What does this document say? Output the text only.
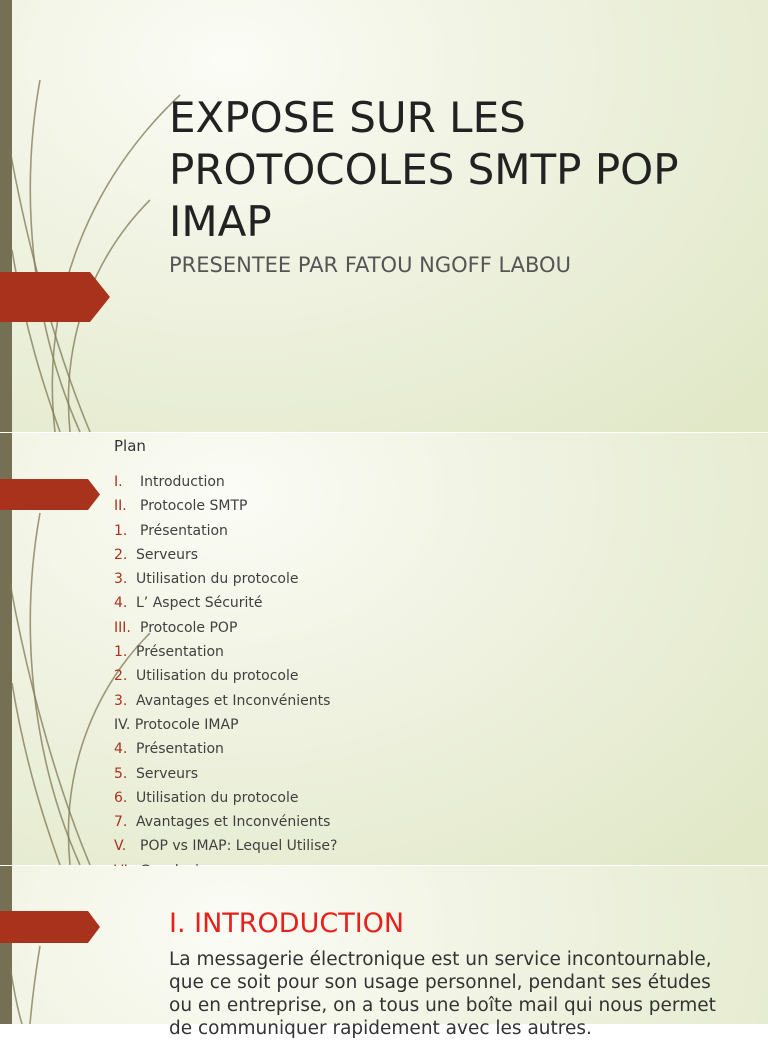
EXPOSE SUR LES PROTOCOLES SMTP POP IMAP
PRESENTEE PAR FATOU NGOFF LABOU
Plan
I. Introduction
II. Protocole SMTP
1. Présentation
2. Serveurs
3. Utilisation du protocole
4. L’ Aspect Sécurité
III. Protocole POP
1. Présentation
2. Utilisation du protocole
3. Avantages et Inconvénients
IV. Protocole IMAP
4. Présentation
5. Serveurs
6. Utilisation du protocole
7. Avantages et Inconvénients
V. POP vs IMAP: Lequel Utilise?
I. INTRODUCTION

La messagerie électronique est un service incontournable, que ce soit pour son usage personnel, pendant ses études ou en entreprise, on a tous une boîte mail qui nous permet de communiquer rapidement avec les autres.
